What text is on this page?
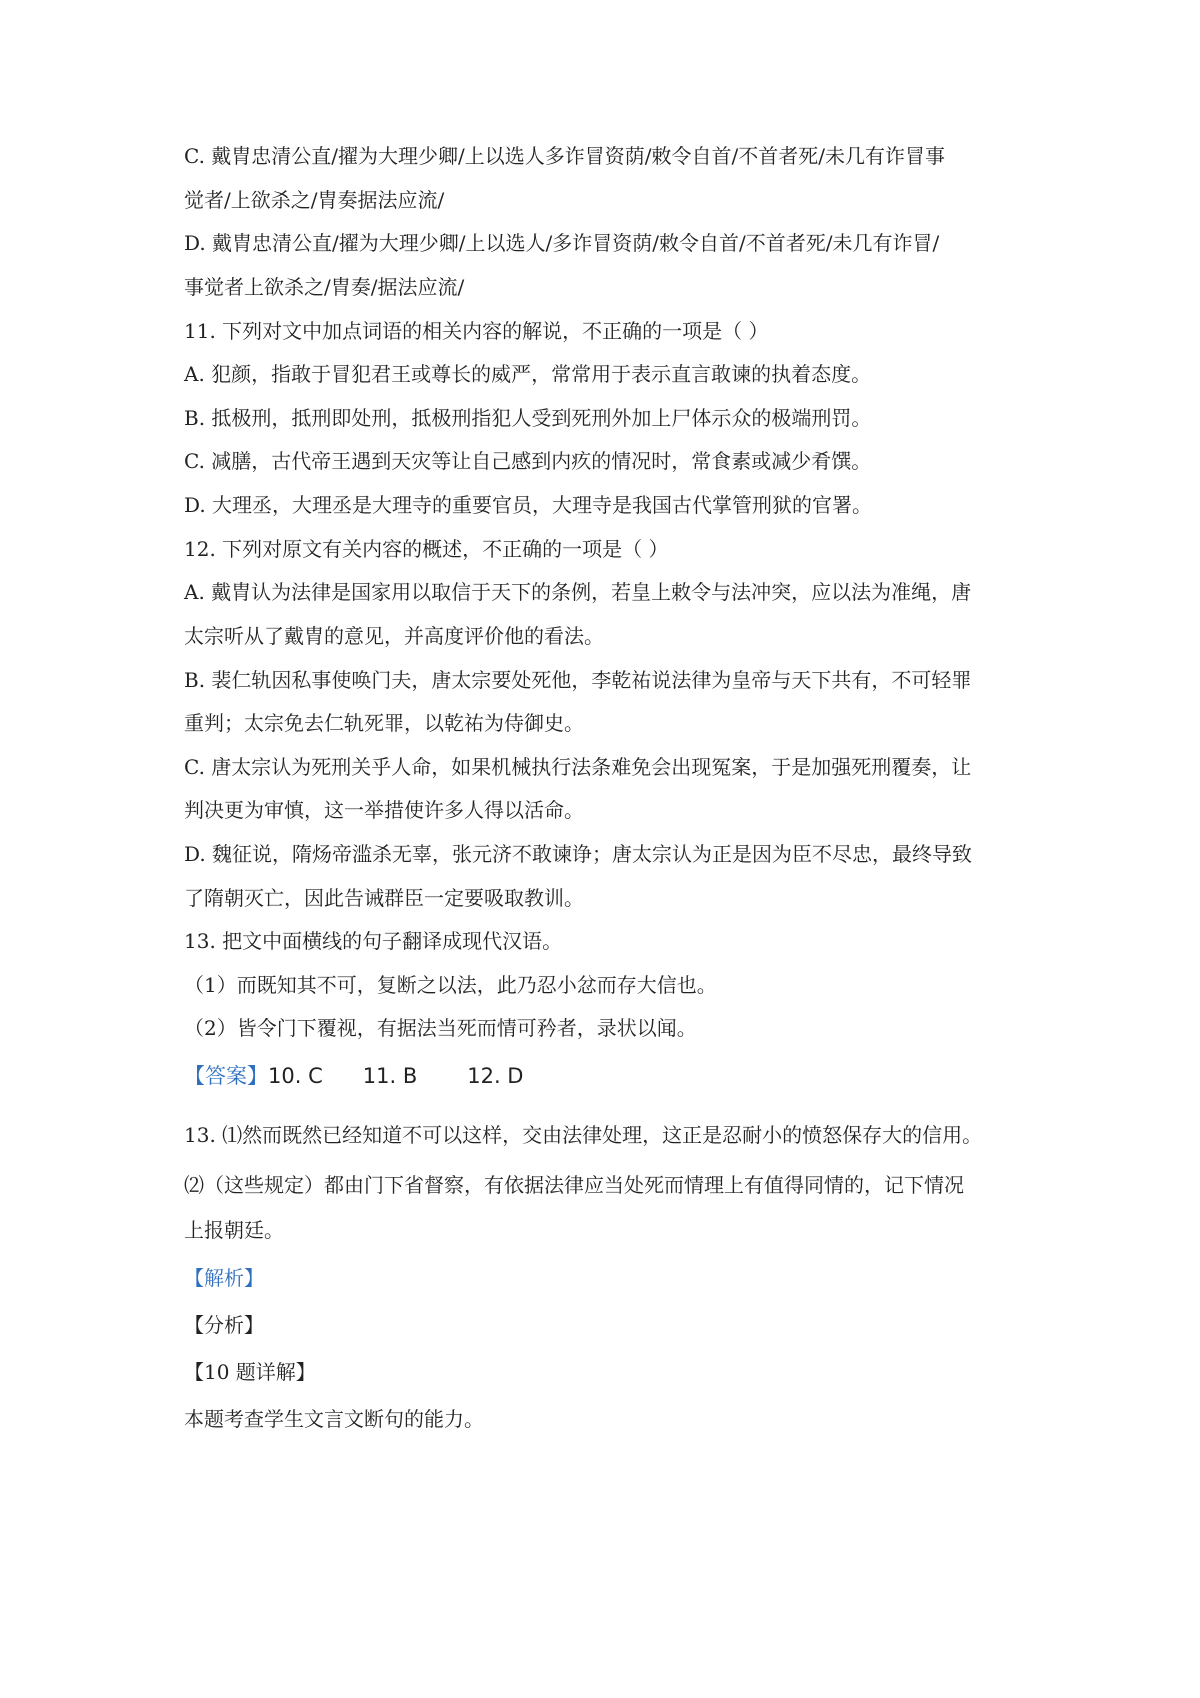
C. 戴胄忠清公直/擢为大理少卿/上以选人多诈冒资荫/敕令自首/不首者死/未几有诈冒事
觉者/上欲杀之/胄奏据法应流/
D. 戴胄忠清公直/擢为大理少卿/上以选人/多诈冒资荫/敕令自首/不首者死/未几有诈冒/
事觉者上欲杀之/胄奏/据法应流/
11. 下列对文中加点词语的相关内容的解说，不正确的一项是（ ）
A. 犯颜，指敢于冒犯君王或尊长的威严，常常用于表示直言敢谏的执着态度。
B. 抵极刑，抵刑即处刑，抵极刑指犯人受到死刑外加上尸体示众的极端刑罚。
C. 减膳，古代帝王遇到天灾等让自己感到内疚的情况时，常食素或减少肴馔。
D. 大理丞，大理丞是大理寺的重要官员，大理寺是我国古代掌管刑狱的官署。
12. 下列对原文有关内容的概述，不正确的一项是（ ）
A. 戴胄认为法律是国家用以取信于天下的条例，若皇上敕令与法冲突，应以法为准绳，唐
太宗听从了戴胄的意见，并高度评价他的看法。
B. 裴仁轨因私事使唤门夫，唐太宗要处死他，李乾祐说法律为皇帝与天下共有，不可轻罪
重判；太宗免去仁轨死罪，以乾祐为侍御史。
C. 唐太宗认为死刑关乎人命，如果机械执行法条难免会出现冤案，于是加强死刑覆奏，让
判决更为审慎，这一举措使许多人得以活命。
D. 魏征说，隋炀帝滥杀无辜，张元济不敢谏诤；唐太宗认为正是因为臣不尽忠，最终导致
了隋朝灭亡，因此告诫群臣一定要吸取教训。
13. 把文中面横线的句子翻译成现代汉语。
（1）而既知其不可，复断之以法，此乃忍小忿而存大信也。
（2）皆令门下覆视，有据法当死而情可矜者，录状以闻。
【答案】10. C 11. B 12. D
13. ⑴然而既然已经知道不可以这样，交由法律处理，这正是忍耐小的愤怒保存大的信用。
⑵（这些规定）都由门下省督察，有依据法律应当处死而情理上有值得同情的，记下情况
上报朝廷。
【解析】
【分析】
【10 题详解】
本题考查学生文言文断句的能力。
